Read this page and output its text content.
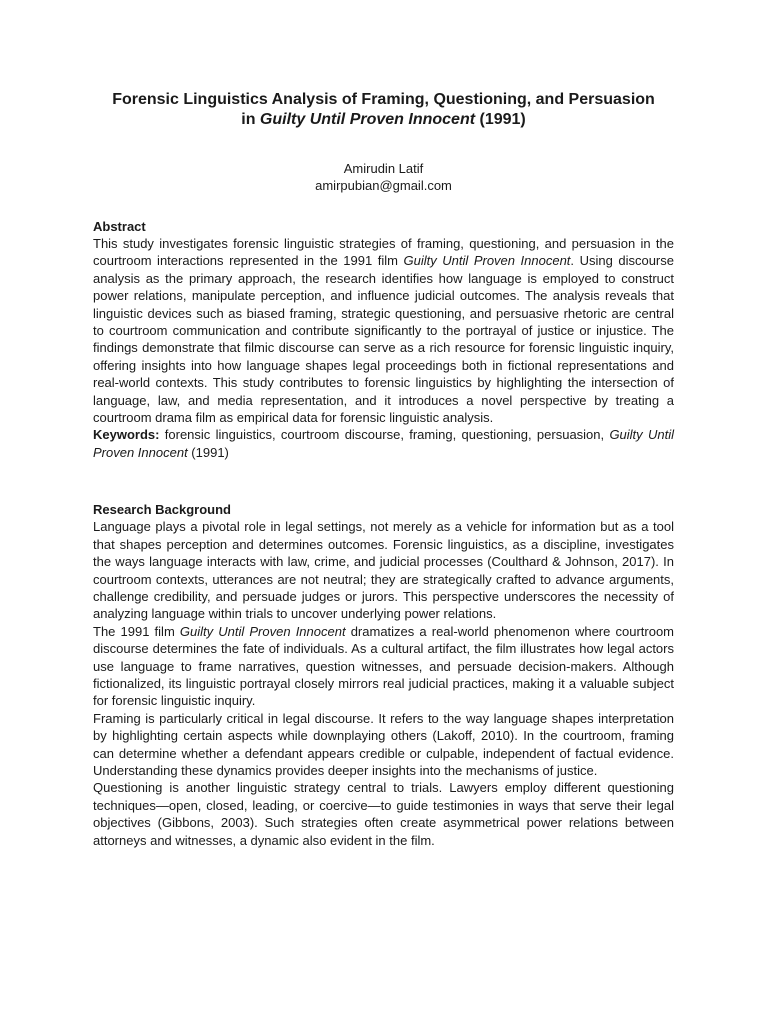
Forensic Linguistics Analysis of Framing, Questioning, and Persuasion
in Guilty Until Proven Innocent (1991)
Amirudin Latif
amirpubian@gmail.com
Abstract

This study investigates forensic linguistic strategies of framing, questioning, and persuasion in the courtroom interactions represented in the 1991 film Guilty Until Proven Innocent. Using discourse analysis as the primary approach, the research identifies how language is employed to construct power relations, manipulate perception, and influence judicial outcomes. The analysis reveals that linguistic devices such as biased framing, strategic questioning, and persuasive rhetoric are central to courtroom communication and contribute significantly to the portrayal of justice or injustice. The findings demonstrate that filmic discourse can serve as a rich resource for forensic linguistic inquiry, offering insights into how language shapes legal proceedings both in fictional representations and real-world contexts. This study contributes to forensic linguistics by highlighting the intersection of language, law, and media representation, and it introduces a novel perspective by treating a courtroom drama film as empirical data for forensic linguistic analysis.

Keywords: forensic linguistics, courtroom discourse, framing, questioning, persuasion, Guilty Until Proven Innocent (1991)

Research Background

Language plays a pivotal role in legal settings, not merely as a vehicle for information but as a tool that shapes perception and determines outcomes. Forensic linguistics, as a discipline, investigates the ways language interacts with law, crime, and judicial processes (Coulthard & Johnson, 2017). In courtroom contexts, utterances are not neutral; they are strategically crafted to advance arguments, challenge credibility, and persuade judges or jurors. This perspective underscores the necessity of analyzing language within trials to uncover underlying power relations.

The 1991 film Guilty Until Proven Innocent dramatizes a real-world phenomenon where courtroom discourse determines the fate of individuals. As a cultural artifact, the film illustrates how legal actors use language to frame narratives, question witnesses, and persuade decision-makers. Although fictionalized, its linguistic portrayal closely mirrors real judicial practices, making it a valuable subject for forensic linguistic inquiry.

Framing is particularly critical in legal discourse. It refers to the way language shapes interpretation by highlighting certain aspects while downplaying others (Lakoff, 2010). In the courtroom, framing can determine whether a defendant appears credible or culpable, independent of factual evidence. Understanding these dynamics provides deeper insights into the mechanisms of justice.

Questioning is another linguistic strategy central to trials. Lawyers employ different questioning techniques—open, closed, leading, or coercive—to guide testimonies in ways that serve their legal objectives (Gibbons, 2003). Such strategies often create asymmetrical power relations between attorneys and witnesses, a dynamic also evident in the film.
